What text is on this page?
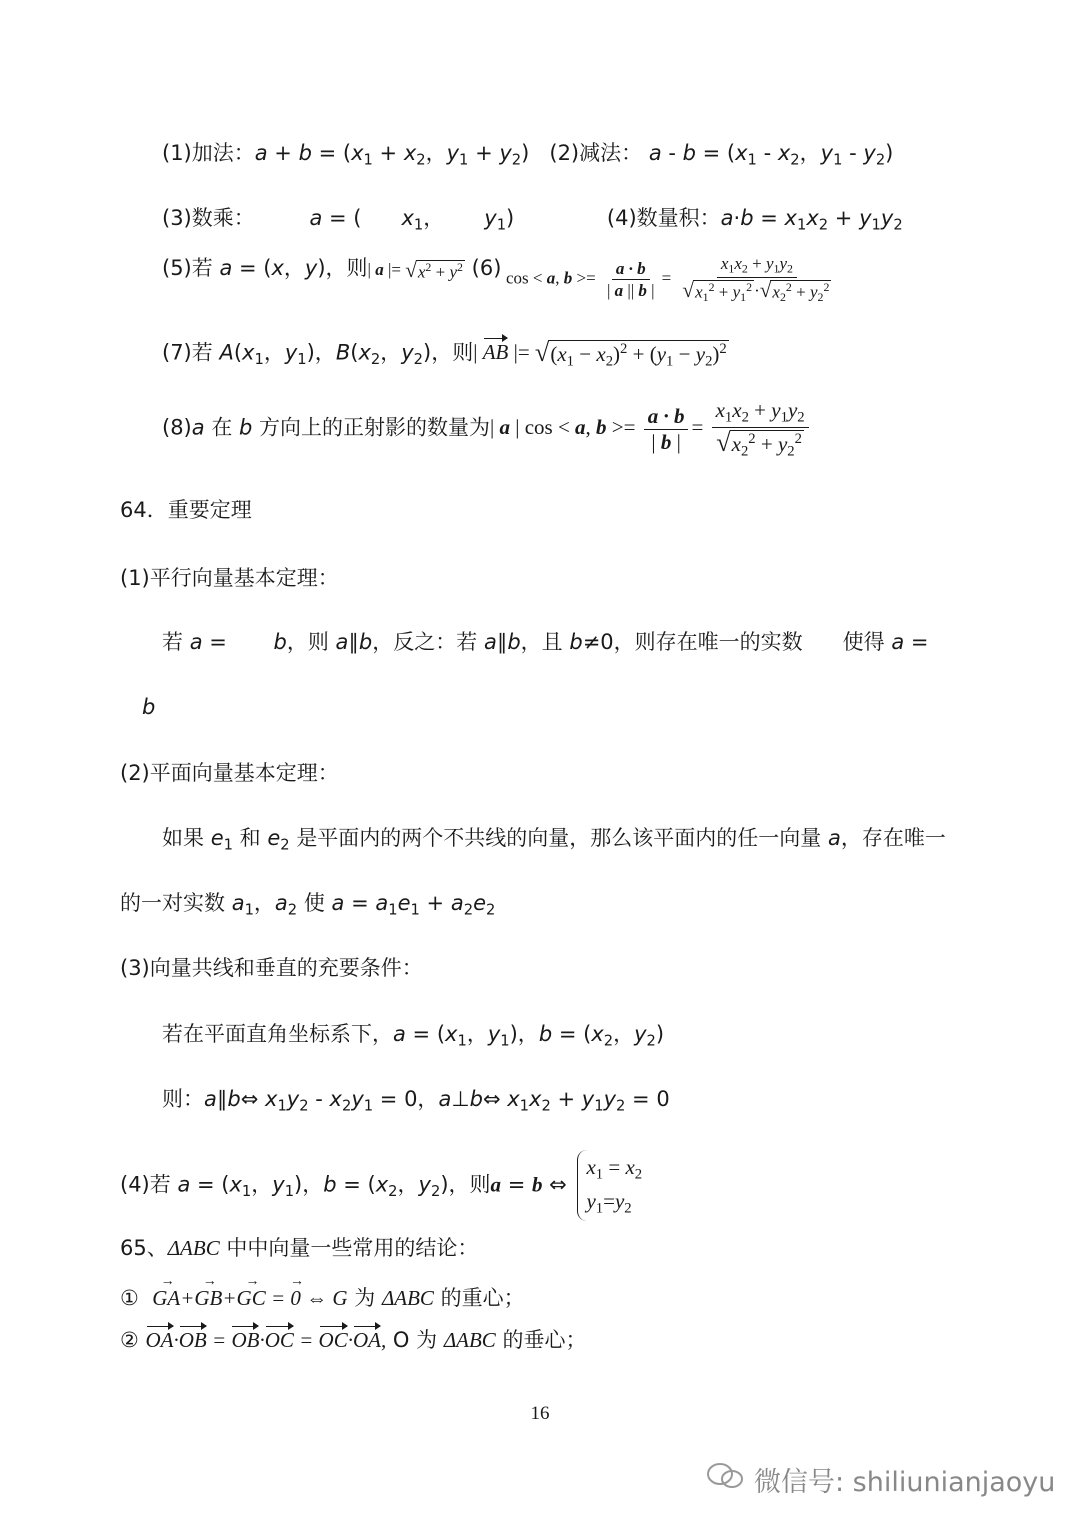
(1)加法：$a + b = (x_1 + x_2$，$y_1 + y_2$)   (2)减法： $a - b = (x_1 - x_2$，$y_1 - y_2$)
(3)数乘：	a = ( $x_1$， $y_1$)	(4)数量积：$a\cdot b = x_1x_2 + y_1y_2$
(5)若 a = (x，y)，则| a |= √ $x^2 + y^2$ (6) cos < a, $b >= \frac{a \cdot b}{| a || b |} = \frac{x_1x_2 + y_1y_2}{√ x_1^2 + y_1^2 \cdot √ x_2^2 + y_2^2}$
(7)若 $A(x_1$，$y_1$)，$B(x_2$，$y_2$)，则| AB |= √ $(x_1 - x_2)^2 + (y_1 - y_2)^2$
(8)a 在 b 方向上的正射影的数量为| a | cos < a, $b >= \frac{a \cdot b}{| b |} = \frac{x_1x_2 + y_1y_2}{√ x_2^2 + y_2^2}$
64．重要定理
(1)平行向量基本定理：
若 a = b，则 a∥b，反之：若 a∥b，且 b≠0，则存在唯一的实数 使得 a =
b
(2)平面向量基本定理：
如果 $e_1$ 和 $e_2$ 是平面内的两个不共线的向量，那么该平面内的任一向量 a，存在唯一
的一对实数 $a_1$，$a_2$ 使 $a = a_1e_1 + a_2e_2$
(3)向量共线和垂直的充要条件：
若在平面直角坐标系下，$a = (x_1$，$y_1$)，$b = (x_2$，$y_2$)
则：a∥b⇔ $x_1y_2 - x_2y_1 = 0$，a⊥b⇔ $x_1x_2 + y_1y_2 = 0$
(4)若 $a = (x_1$，$y_1$)，$b = (x_2$，$y_2$)，则a = b ⇔
$x_1 = x_2$
$y_1=y_2$
65、ΔABC 中中向量一些常用的结论：
①  → GA+→ GB+→ GC = → 0 ⇔ G 为 ΔABC 的重心；
② OA·OB = OB·OC = OC·OA, O 为 ΔABC 的垂心；
16
微信号: shiliunianjaoyu
